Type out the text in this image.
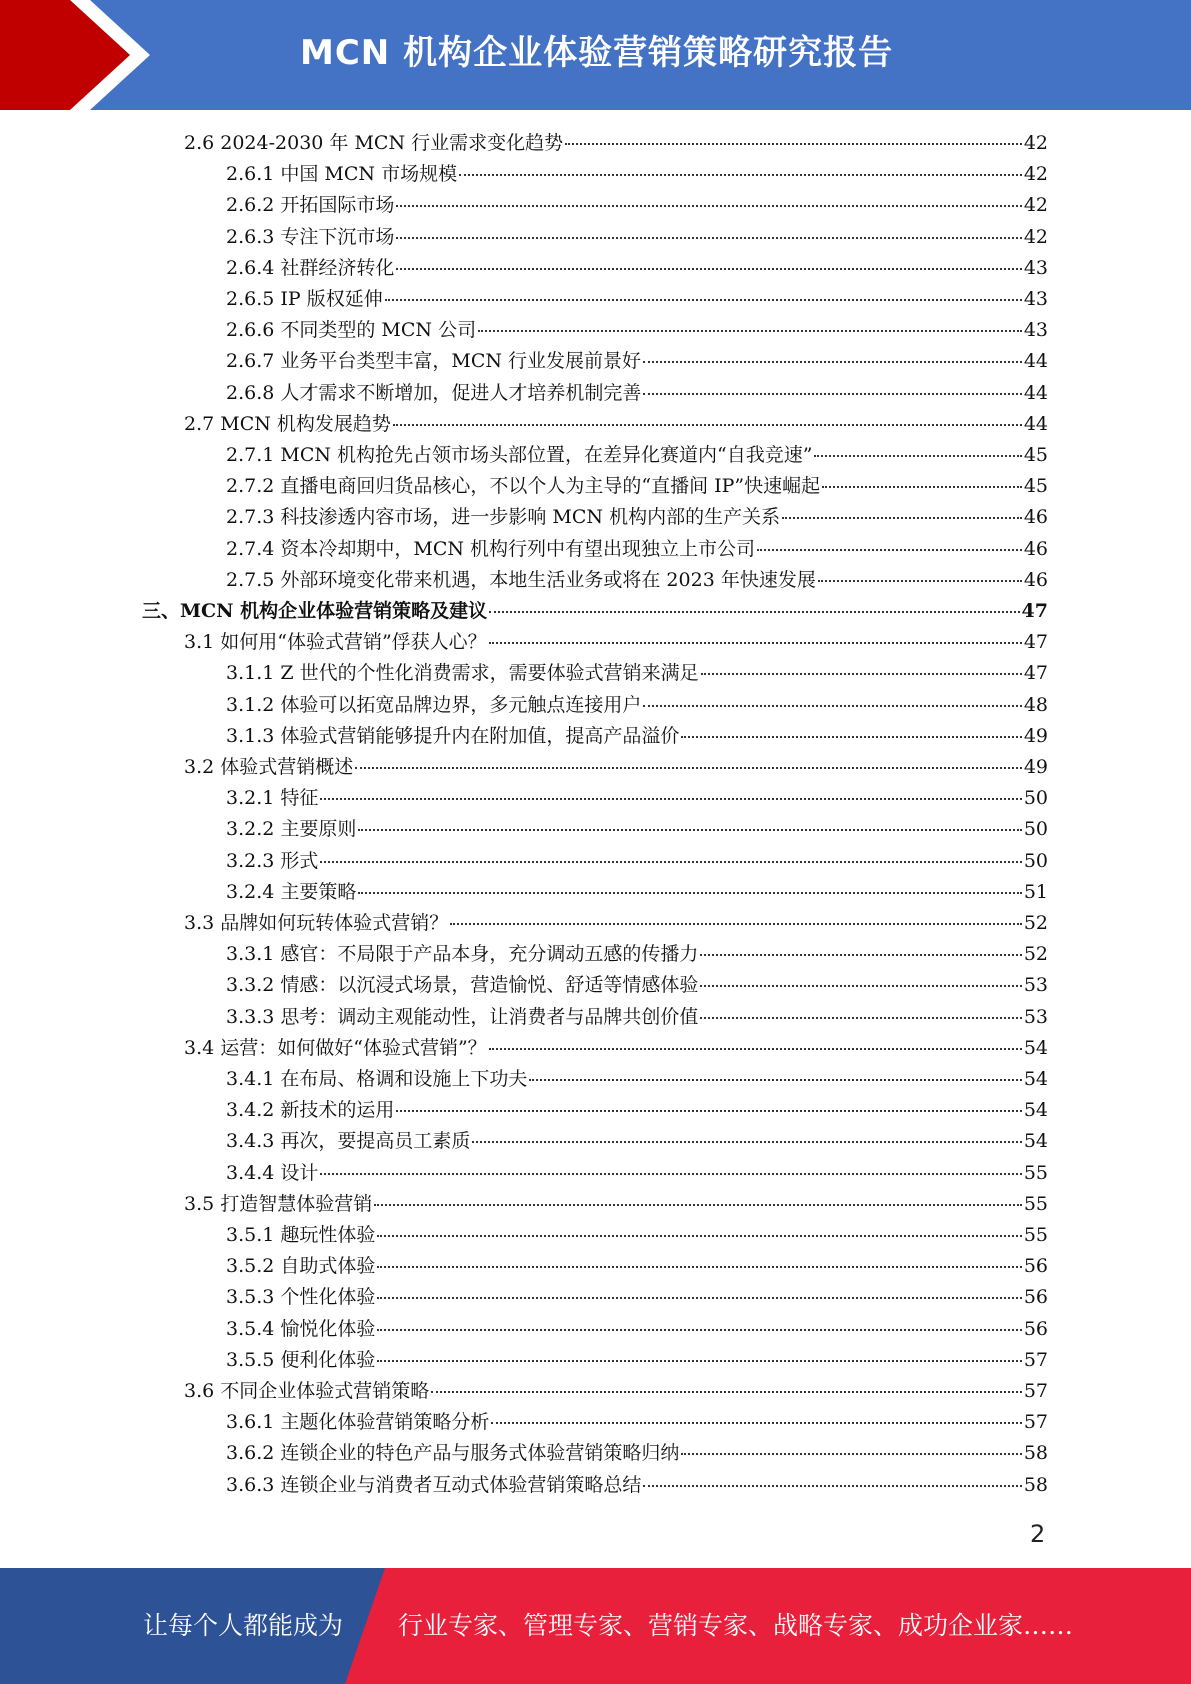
MCN 机构企业体验营销策略研究报告
2.6 2024-2030 年 MCN 行业需求变化趋势	42
2.6.1 中国 MCN 市场规模	42
2.6.2 开拓国际市场	42
2.6.3 专注下沉市场	42
2.6.4 社群经济转化	43
2.6.5 IP 版权延伸	43
2.6.6 不同类型的 MCN 公司	43
2.6.7 业务平台类型丰富，MCN 行业发展前景好	44
2.6.8 人才需求不断增加，促进人才培养机制完善	44
2.7 MCN 机构发展趋势	44
2.7.1 MCN 机构抢先占领市场头部位置，在差异化赛道内“自我竞速”	45
2.7.2 直播电商回归货品核心，不以个人为主导的“直播间 IP”快速崛起	45
2.7.3 科技渗透内容市场，进一步影响 MCN 机构内部的生产关系	46
2.7.4 资本冷却期中，MCN 机构行列中有望出现独立上市公司	46
2.7.5 外部环境变化带来机遇，本地生活业务或将在 2023 年快速发展	46
三、MCN 机构企业体验营销策略及建议	47
3.1 如何用“体验式营销”俘获人心？	47
3.1.1 Z 世代的个性化消费需求，需要体验式营销来满足	47
3.1.2 体验可以拓宽品牌边界，多元触点连接用户	48
3.1.3 体验式营销能够提升内在附加值，提高产品溢价	49
3.2 体验式营销概述	49
3.2.1 特征	50
3.2.2 主要原则	50
3.2.3 形式	50
3.2.4 主要策略	51
3.3 品牌如何玩转体验式营销？	52
3.3.1 感官：不局限于产品本身，充分调动五感的传播力	52
3.3.2 情感：以沉浸式场景，营造愉悦、舒适等情感体验	53
3.3.3 思考：调动主观能动性，让消费者与品牌共创价值	53
3.4 运营：如何做好“体验式营销”？	54
3.4.1 在布局、格调和设施上下功夫	54
3.4.2 新技术的运用	54
3.4.3 再次，要提高员工素质	54
3.4.4 设计	55
3.5 打造智慧体验营销	55
3.5.1 趣玩性体验	55
3.5.2 自助式体验	56
3.5.3 个性化体验	56
3.5.4 愉悦化体验	56
3.5.5 便利化体验	57
3.6 不同企业体验式营销策略	57
3.6.1 主题化体验营销策略分析	57
3.6.2 连锁企业的特色产品与服务式体验营销策略归纳	58
3.6.3 连锁企业与消费者互动式体验营销策略总结	58
2
让每个人都能成为 行业专家、管理专家、营销专家、战略专家、成功企业家……
